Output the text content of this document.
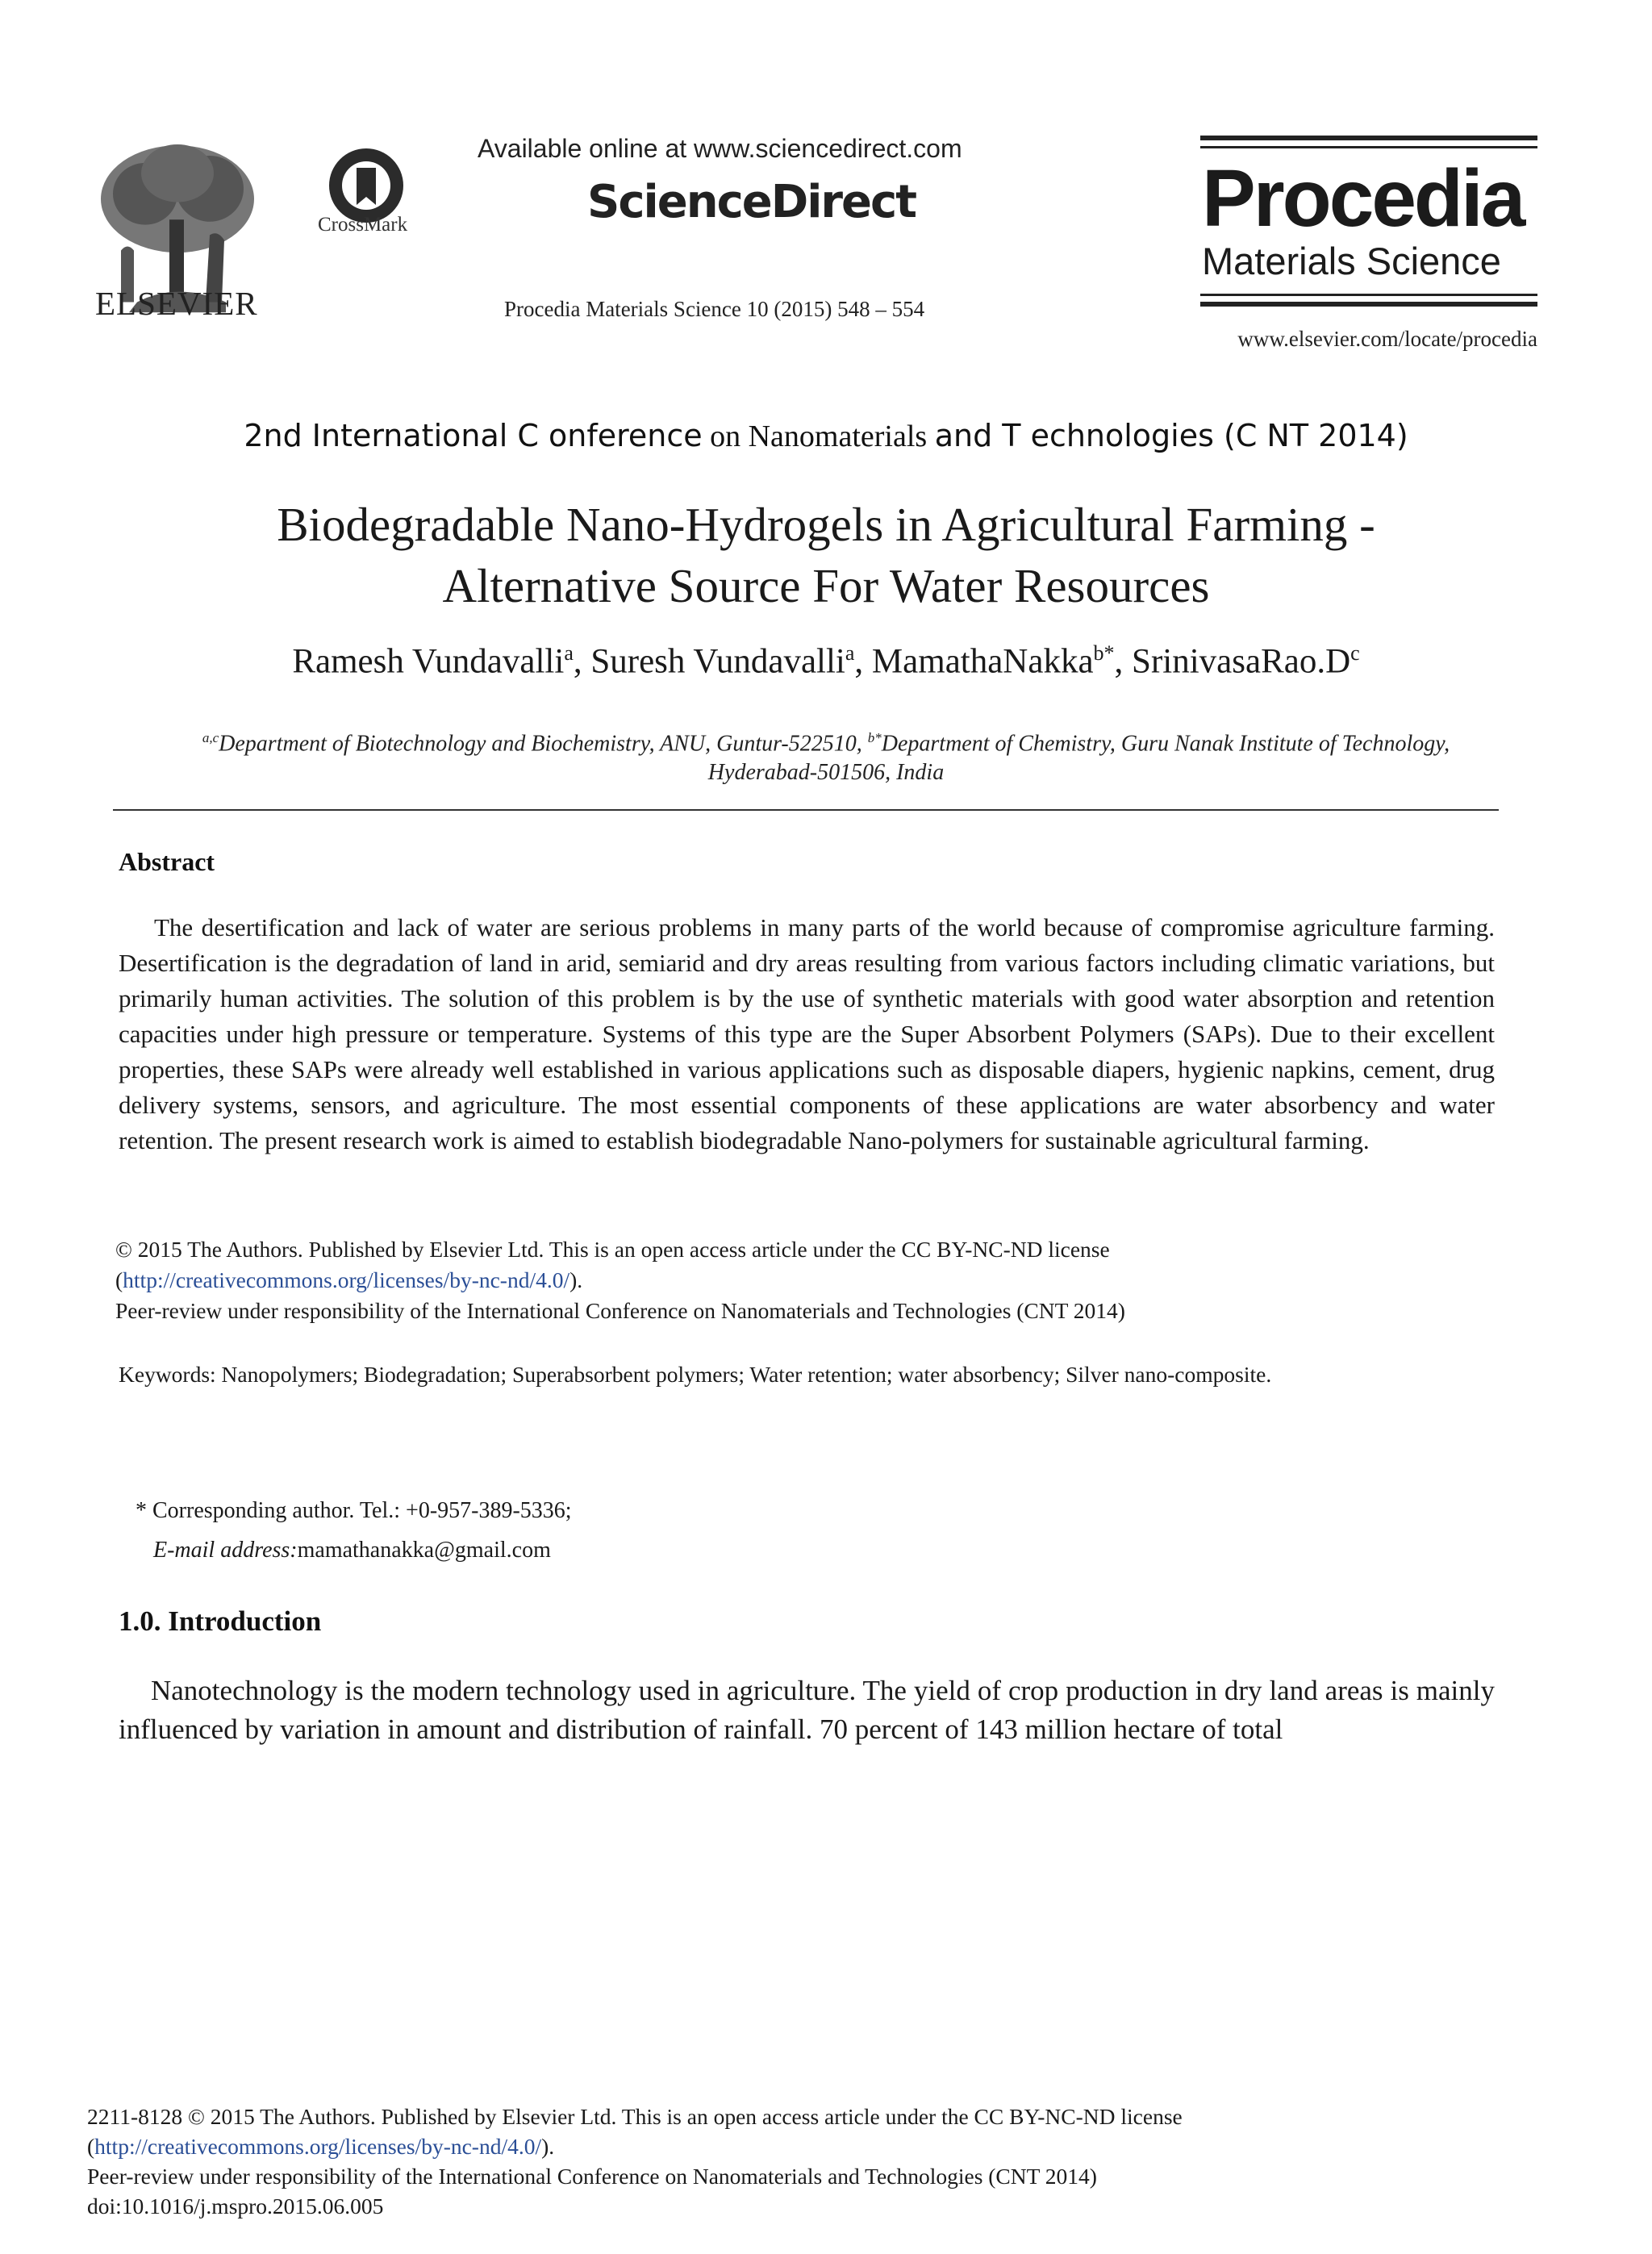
ELSEVIER
CrossMark
Available online at www.sciencedirect.com
ScienceDirect
Procedia Materials Science 10 (2015) 548 – 554
Procedia
Materials Science
www.elsevier.com/locate/procedia
2nd International C onference on Nanomaterials and T echnologies (C NT 2014)
Biodegradable Nano-Hydrogels in Agricultural Farming -
Alternative Source For Water Resources
Ramesh Vundavalli$^a$, Suresh Vundavalli$^a$, MamathaNakka$^{b*}$, $SrinivasaRao.D^c$
$^{a,c}$Department of Biotechnology and Biochemistry, ANU, Guntur-522510, $^{b*}$Department of Chemistry, Guru Nanak Institute of Technology,
Hyderabad-501506, India
Abstract
The desertification and lack of water are serious problems in many parts of the world because of compromise agriculture farming. Desertification is the degradation of land in arid, semiarid and dry areas resulting from various factors including climatic variations, but primarily human activities. The solution of this problem is by the use of synthetic materials with good water absorption and retention capacities under high pressure or temperature. Systems of this type are the Super Absorbent Polymers (SAPs). Due to their excellent properties, these SAPs were already well established in various applications such as disposable diapers, hygienic napkins, cement, drug delivery systems, sensors, and agriculture. The most essential components of these applications are water absorbency and water retention. The present research work is aimed to establish biodegradable Nano-polymers for sustainable agricultural farming.
© 2015 The Authors. Published by Elsevier Ltd. This is an open access article under the CC BY-NC-ND license
(http://creativecommons.org/licenses/by-nc-nd/4.0/).
Peer-review under responsibility of the International Conference on Nanomaterials and Technologies (CNT 2014)
Keywords: Nanopolymers; Biodegradation; Superabsorbent polymers; Water retention; water absorbency; Silver nano-composite.
* Corresponding author. Tel.: +0-957-389-5336;
E-mail address:mamathanakka@gmail.com
1.0. Introduction
Nanotechnology is the modern technology used in agriculture. The yield of crop production in dry land areas is mainly influenced by variation in amount and distribution of rainfall. 70 percent of 143 million hectare of total
2211-8128 © 2015 The Authors. Published by Elsevier Ltd. This is an open access article under the CC BY-NC-ND license
(http://creativecommons.org/licenses/by-nc-nd/4.0/).
Peer-review under responsibility of the International Conference on Nanomaterials and Technologies (CNT 2014)
doi:10.1016/j.mspro.2015.06.005
